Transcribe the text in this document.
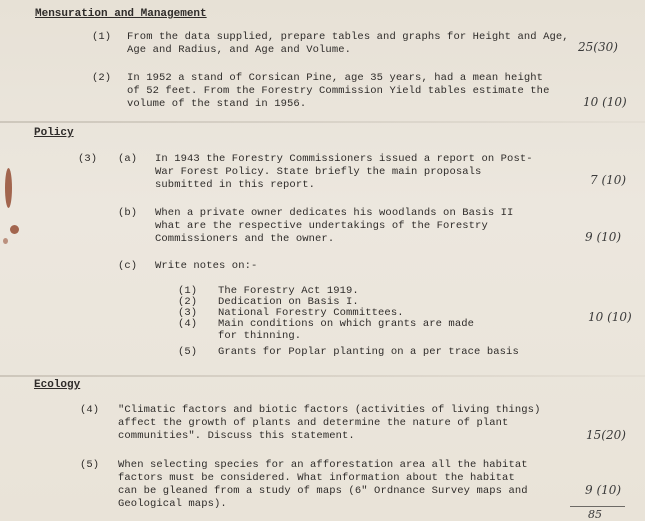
Mensuration and Management
(1) From the data supplied, prepare tables and graphs for Height and Age,
Age and Radius, and Age and Volume.	25(30)
(2) In 1952 a stand of Corsican Pine, age 35 years, had a mean height
of 52 feet. From the Forestry Commission Yield tables estimate the
volume of the stand in 1956.	10 (10)
Policy
(3) (a) In 1943 the Forestry Commissioners issued a report on Post-
War Forest Policy. State briefly the main proposals
submitted in this report.	7 (10)
(b) When a private owner dedicates his woodlands on Basis II
what are the respective undertakings of the Forestry
Commissioners and the owner.	9 (10)
(c) Write notes on:-
(1) The Forestry Act 1919.
(2) Dedication on Basis I.
(3) National Forestry Committees.
(4) Main conditions on which grants are made
for thinning.
(5) Grants for Poplar planting on a per trace basis
10 (10)
Ecology
(4) "Climatic factors and biotic factors (activities of living things)
affect the growth of plants and determine the nature of plant
communities". Discuss this statement.	15(20)
(5) When selecting species for an afforestation area all the habitat
factors must be considered. What information about the habitat
can be gleaned from a study of maps (6" Ordnance Survey maps and
Geological maps).
9 (10)
85
